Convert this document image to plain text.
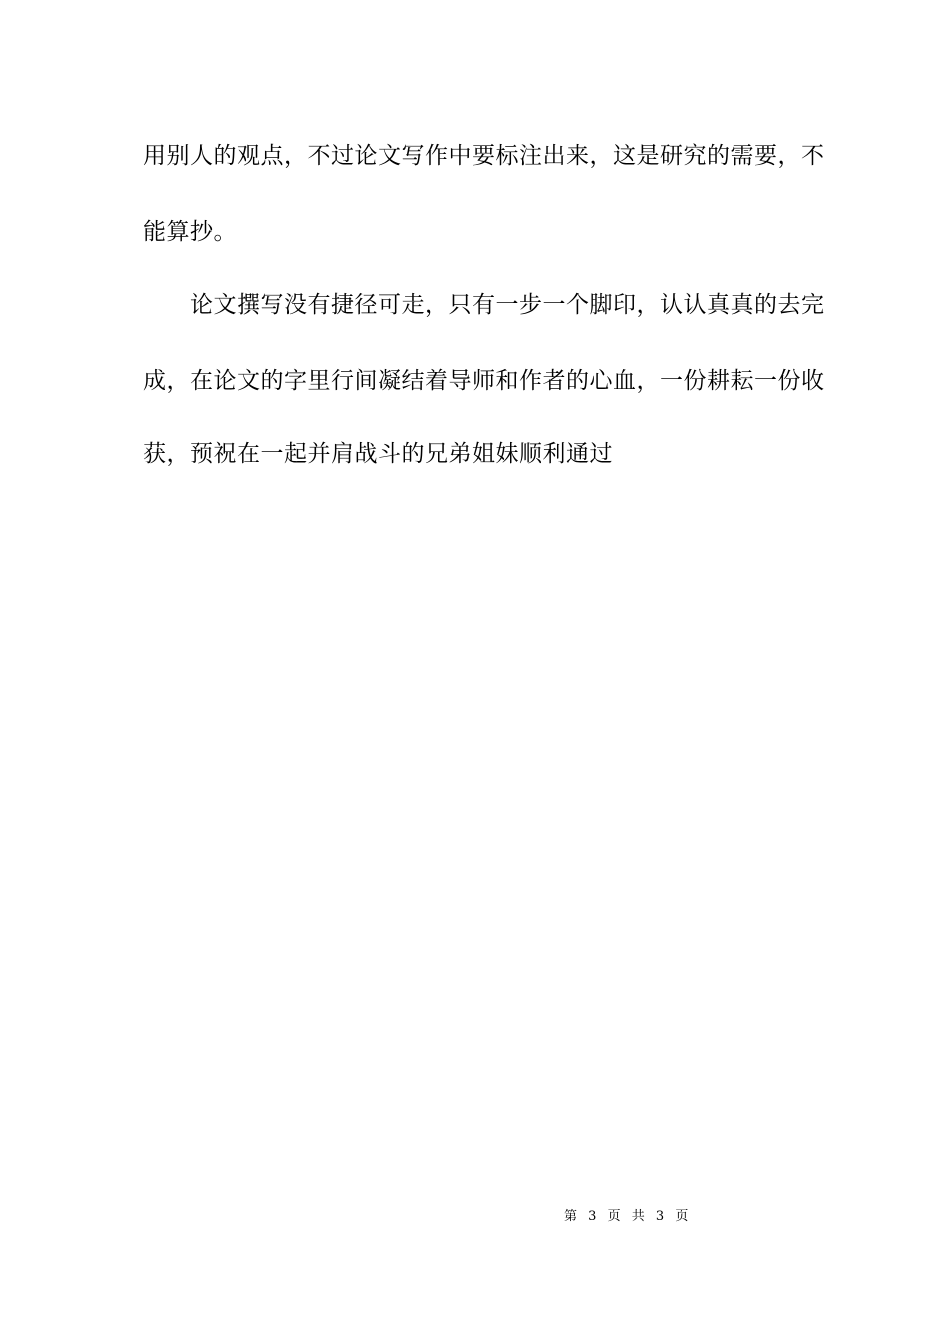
用别人的观点，不过论文写作中要标注出来，这是研究的需要，不
能算抄。
论文撰写没有捷径可走，只有一步一个脚印，认认真真的去完
成，在论文的字里行间凝结着导师和作者的心血，一份耕耘一份收
获，预祝在一起并肩战斗的兄弟姐妹顺利通过
第 3 页 共 3 页
